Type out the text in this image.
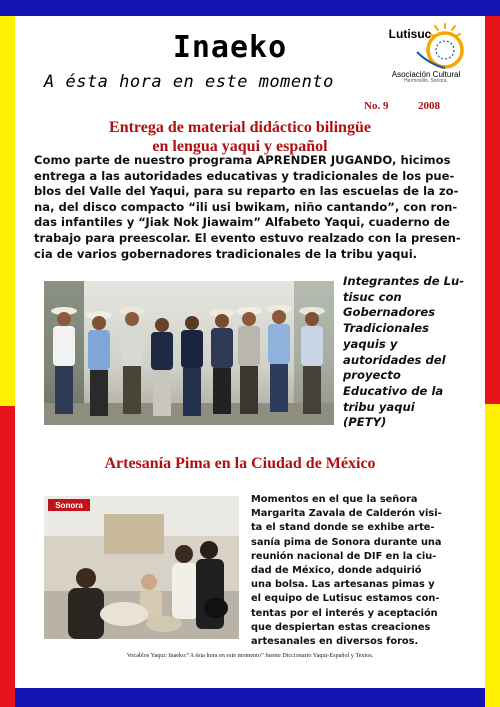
Inaeko
A ésta hora en este momento
Lutisuc
Asociación Cultural
Hermosillo, Sonora.
No. 9	2008
Entrega de material didáctico bilingüe
en lengua yaqui y español
Como parte de nuestro programa APRENDER JUGANDO, hicimos
entrega a las autoridades educativas y tradicionales de los pue-
blos del Valle del Yaqui, para su reparto en las escuelas de la zo-
na, del disco compacto “ili usi bwikam, niño cantando”, con ron-
das infantiles y “Jiak Nok Jiawaim” Alfabeto Yaqui, cuaderno de
trabajo para preescolar. El evento estuvo realzado con la presen-
cia de varios gobernadores tradicionales de la tribu yaqui.
Integrantes de Lu-
tisuc con
Gobernadores
Tradicionales
yaquis y
autoridades del
proyecto
Educativo de la
tribu yaqui
(PETY)
Artesanía Pima en la Ciudad de México
Sonora
Momentos en el que la señora
Margarita Zavala de Calderón visi-
ta el stand donde se exhibe arte-
sanía pima de Sonora durante una
reunión nacional de DIF en la ciu-
dad de México, donde adquirió
una bolsa. Las artesanas pimas y
el equipo de Lutisuc estamos con-
tentas por el interés y aceptación
que despiertan estas creaciones
artesanales en diversos foros.
Vocablos Yaqui: Inaeko:“A ésta hora en este momento” fuente Diccionario Yaqui-Español y Textos.
